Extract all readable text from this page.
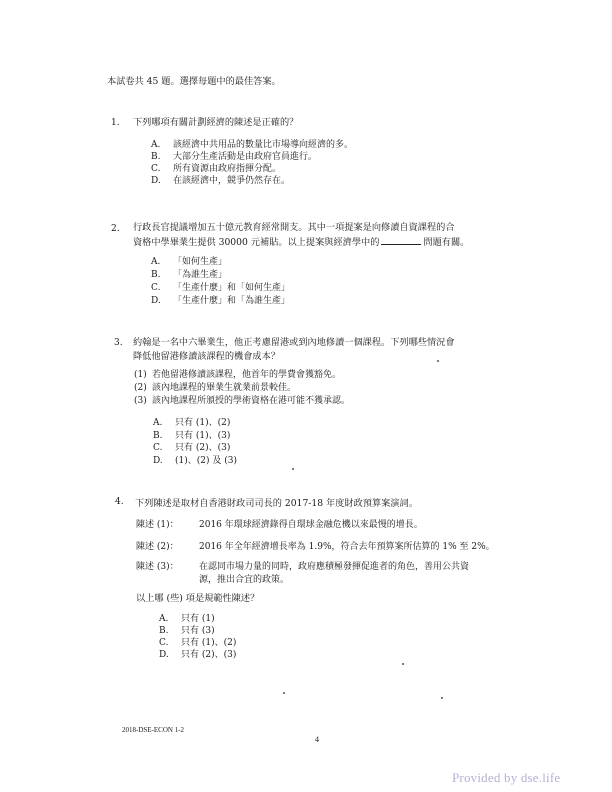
本試卷共 45 題。選擇每題中的最佳答案。
1. 下列哪項有關計劃經濟的陳述是正確的？
A. 該經濟中共用品的數量比市場導向經濟的多。
B. 大部分生產活動是由政府官員進行。
C. 所有資源由政府指揮分配。
D. 在該經濟中，競爭仍然存在。
2. 行政長官提議增加五十億元教育經常開支。其中一項提案是向修讀自資課程的合
資格中學畢業生提供 30000 元補貼。以上提案與經濟學中的	問題有關。
A. 「如何生產」
B. 「為誰生產」
C. 「生產什麼」和「如何生產」
D. 「生產什麼」和「為誰生產」
3. 約翰是一名中六畢業生，他正考慮留港或到內地修讀一個課程。下列哪些情況會
降低他留港修讀該課程的機會成本？
(1) 若他留港修讀該課程，他首年的學費會獲豁免。
(2) 該內地課程的畢業生就業前景較佳。
(3) 該內地課程所頒授的學術資格在港可能不獲承認。
A. 只有 (1)、(2)
B. 只有 (1)、(3)
C. 只有 (2)、(3)
D. (1)、(2) 及 (3)
4. 下列陳述是取材自香港財政司司長的 2017-18 年度財政預算案演詞。
陳述 (1)： 2016 年環球經濟錄得自環球金融危機以來最慢的增長。
陳述 (2)： 2016 年全年經濟增長率為 1.9%，符合去年預算案所估算的 1% 至 2%。
陳述 (3)： 在認同市場力量的同時，政府應積極發揮促進者的角色，善用公共資
源，推出合宜的政策。
以上哪 (些) 項是規範性陳述？
A. 只有 (1)
B. 只有 (3)
C. 只有 (1)、(2)
D. 只有 (2)、(3)
2018-DSE-ECON 1-2
4
Provided by dse.life
